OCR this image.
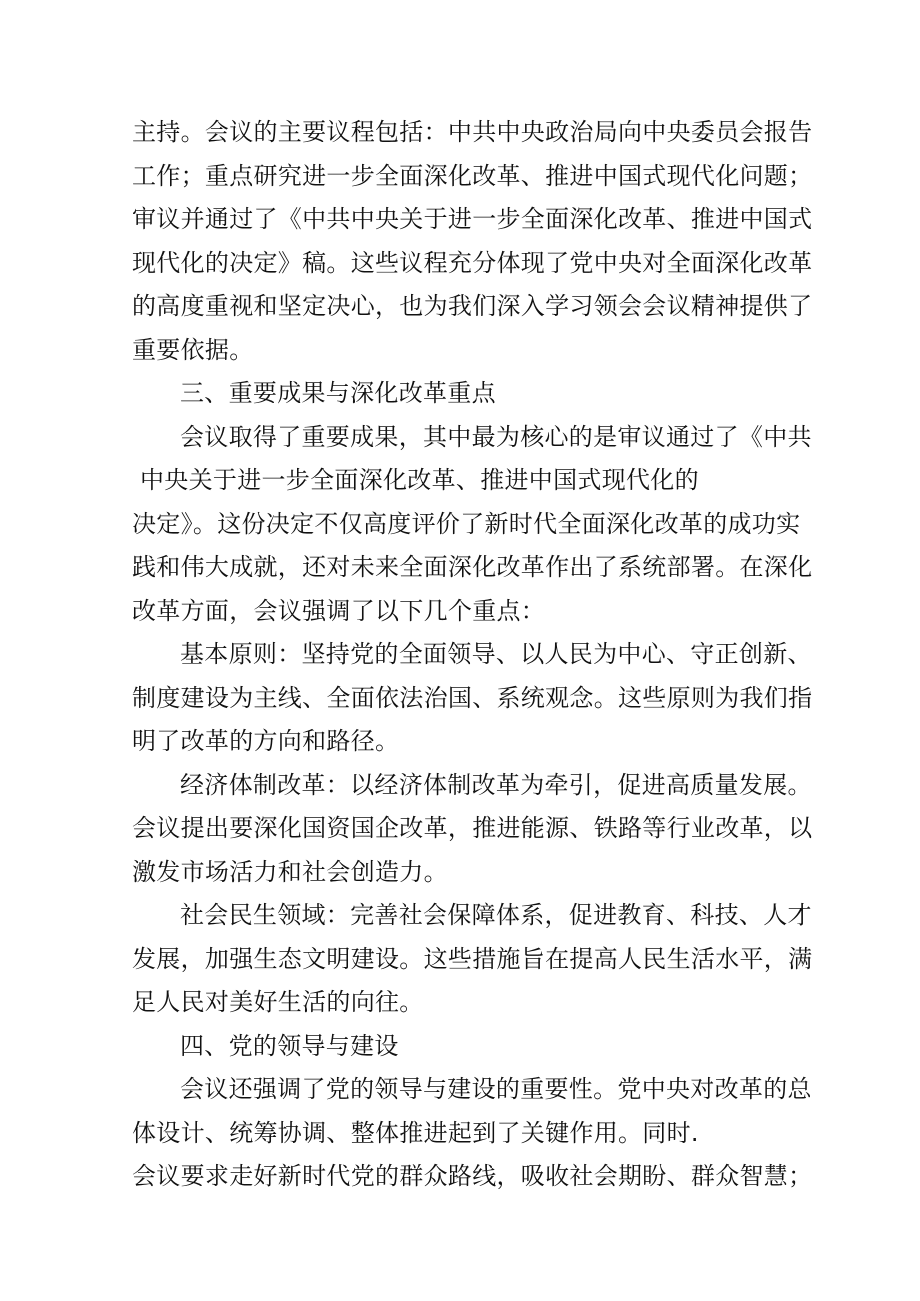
主持。会议的主要议程包括：中共中央政治局向中央委员会报告
工作；重点研究进一步全面深化改革、推进中国式现代化问题；
审议并通过了《中共中央关于进一步全面深化改革、推进中国式
现代化的决定》稿。这些议程充分体现了党中央对全面深化改革
的高度重视和坚定决心，也为我们深入学习领会会议精神提供了
重要依据。
三、重要成果与深化改革重点
会议取得了重要成果，其中最为核心的是审议通过了《中共
中央关于进一步全面深化改革、推进中国式现代化的
决定》。这份决定不仅高度评价了新时代全面深化改革的成功实
践和伟大成就，还对未来全面深化改革作出了系统部署。在深化
改革方面，会议强调了以下几个重点：
基本原则：坚持党的全面领导、以人民为中心、守正创新、
制度建设为主线、全面依法治国、系统观念。这些原则为我们指
明了改革的方向和路径。
经济体制改革：以经济体制改革为牵引，促进高质量发展。
会议提出要深化国资国企改革，推进能源、铁路等行业改革，以
激发市场活力和社会创造力。
社会民生领域：完善社会保障体系，促进教育、科技、人才
发展，加强生态文明建设。这些措施旨在提高人民生活水平，满
足人民对美好生活的向往。
四、党的领导与建设
会议还强调了党的领导与建设的重要性。党中央对改革的总
体设计、统筹协调、整体推进起到了关键作用。同时.
会议要求走好新时代党的群众路线，吸收社会期盼、群众智慧；
